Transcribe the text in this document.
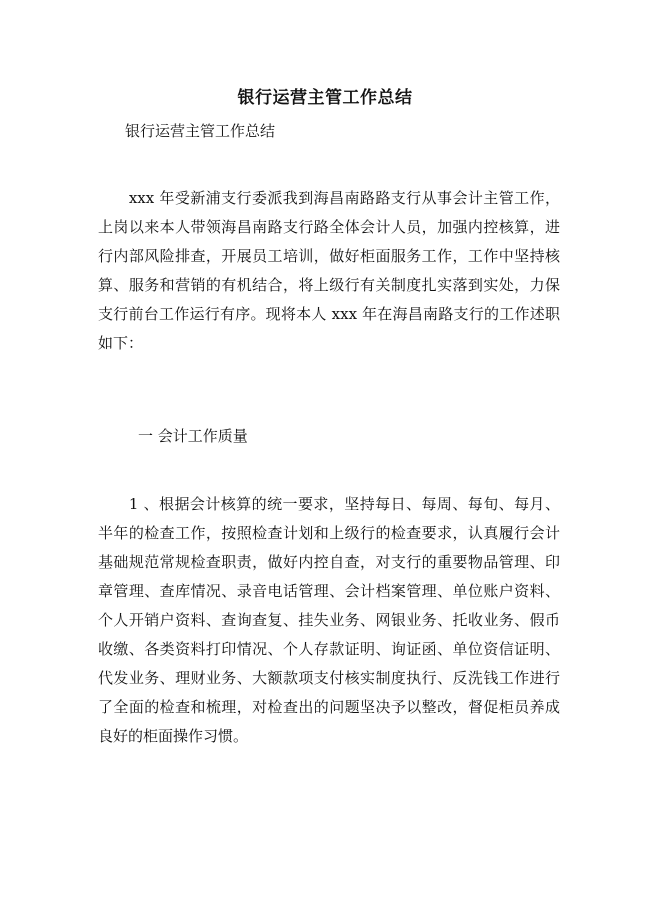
银行运营主管工作总结
银行运营主管工作总结
　　xxx 年受新浦支行委派我到海昌南路路支行从事会计主管工作，
上岗以来本人带领海昌南路支行路全体会计人员，加强内控核算，进
行内部风险排查，开展员工培训，做好柜面服务工作，工作中坚持核
算、服务和营销的有机结合，将上级行有关制度扎实落到实处，力保
支行前台工作运行有序。现将本人 xxx 年在海昌南路支行的工作述职
如下：
一 会计工作质量
　　1 、根据会计核算的统一要求，坚持每日、每周、每旬、每月、
半年的检查工作，按照检查计划和上级行的检查要求，认真履行会计
基础规范常规检查职责，做好内控自查，对支行的重要物品管理、印
章管理、查库情况、录音电话管理、会计档案管理、单位账户资料、
个人开销户资料、查询查复、挂失业务、网银业务、托收业务、假币
收缴、各类资料打印情况、个人存款证明、询证函、单位资信证明、
代发业务、理财业务、大额款项支付核实制度执行、反洗钱工作进行
了全面的检查和梳理，对检查出的问题坚决予以整改，督促柜员养成
良好的柜面操作习惯。
